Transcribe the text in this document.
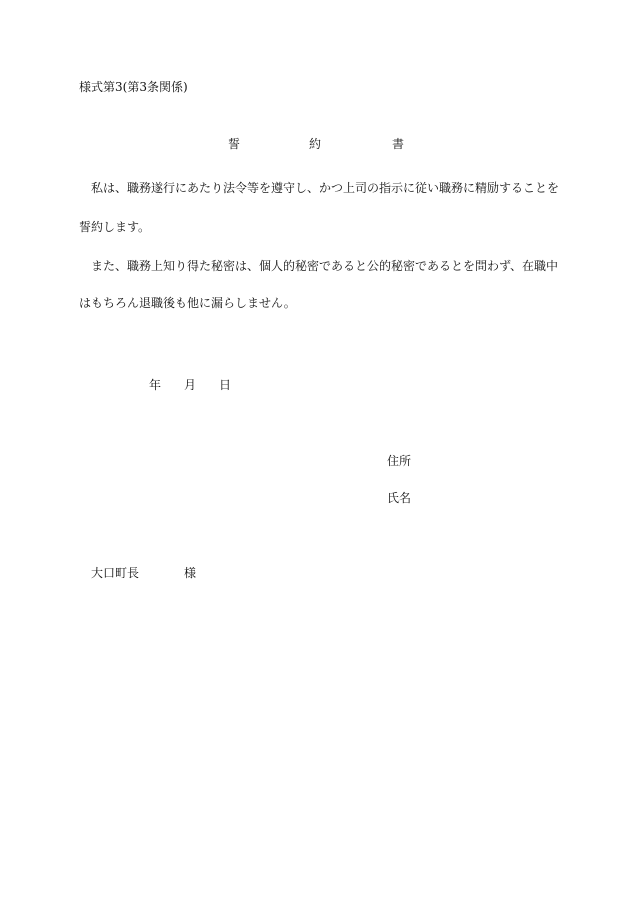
様式第3(第3条関係)
誓	約	書
私は、職務遂行にあたり法令等を遵守し、かつ上司の指示に従い職務に精励することを
誓約します。
また、職務上知り得た秘密は、個人的秘密であると公的秘密であるとを問わず、在職中
はもちろん退職後も他に漏らしません。
年 月 日
住所
氏名
大口町長	様
